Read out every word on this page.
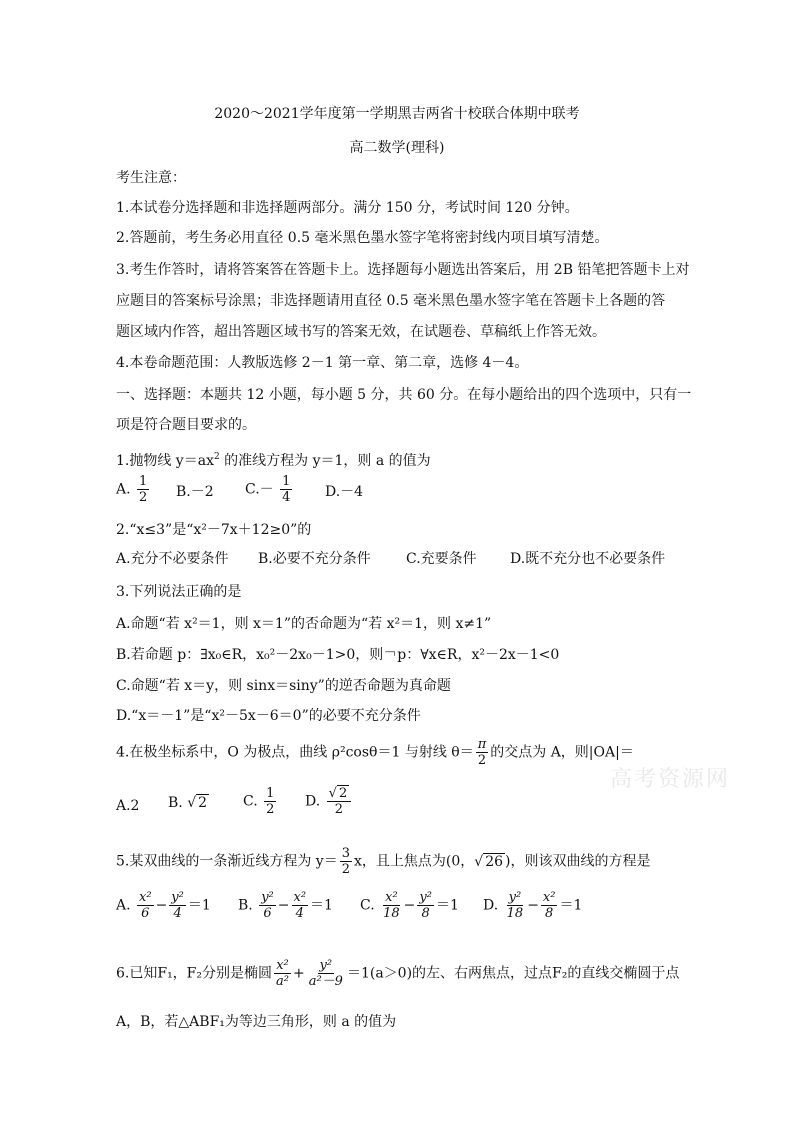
2020～2021学年度第一学期黑吉两省十校联合体期中联考
高二数学(理科)
考生注意：
1.本试卷分选择题和非选择题两部分。满分 150 分，考试时间 120 分钟。
2.答题前，考生务必用直径 0.5 毫米黑色墨水签字笔将密封线内项目填写清楚。
3.考生作答时，请将答案答在答题卡上。选择题每小题选出答案后，用 2B 铅笔把答题卡上对
应题目的答案标号涂黑；非选择题请用直径 0.5 毫米黑色墨水签字笔在答题卡上各题的答
题区域内作答，超出答题区域书写的答案无效，在试题卷、草稿纸上作答无效。
4.本卷命题范围：人教版选修 2－1 第一章、第二章，选修 4－4。
一、选择题：本题共 12 小题，每小题 5 分，共 60 分。在每小题给出的四个选项中，只有一
项是符合题目要求的。
1.抛物线 $y=ax^2$ 的准线方程为 y＝1，则 a 的值为
A. $\frac{1}{2} B.-2$ $C.- \frac{1}{4} D.-4$
2.“x≤3”是“x²－7x＋12≥0”的
A.充分不必要条件 B.必要不充分条件	C.充要条件 D.既不充分也不必要条件
3.下列说法正确的是
A.命题“若 x²＝1，则 x＝1”的否命题为“若 x²＝1，则 x≠1”
B.若命题 p：∃x₀∈R，x₀²－2x₀－1>0，则￢p：∀x∈R，x²－2x－1<0
C.命题“若 x＝y，则 sinx＝siny”的逆否命题为真命题
D.“x＝－1”是“x²－5x－6＝0”的必要不充分条件
4.在极坐标系中，O 为极点，曲线 ρ²cosθ＝1 与射线 $\theta= \frac{\pi}{2}$ 的交点为 A，则|OA|＝
A.2 B. √ 2	C. $\frac{1}{2} D$. $\frac{√ 2}{2}$
5.某双曲线的一条渐近线方程为 $y= \frac{3}{2}$ x，且上焦点为(0，√ 26 )，则该双曲线的方程是
A. $\frac{\text{x²}}{6} - \frac{\text{y²}}{4} =1$ B. $\frac{\text{y²}}{6} - \frac{\text{x²}}{4} =1$ C. $\frac{\text{x²}}{18} - \frac{\text{y²}}{8} =1$ D. $\frac{\text{y²}}{18} - \frac{\text{x²}}{8} =1$
6.已知F₁，F₂分别是椭圆 $\frac{\text{x²}}{\text{a²}} + \frac{\text{y²}}{\text{a²－9}} =1(a>0)$的左、右两焦点，过点F₂的直线交椭圆于点
A，B，若△ABF₁为等边三角形，则 a 的值为
高考资源网
